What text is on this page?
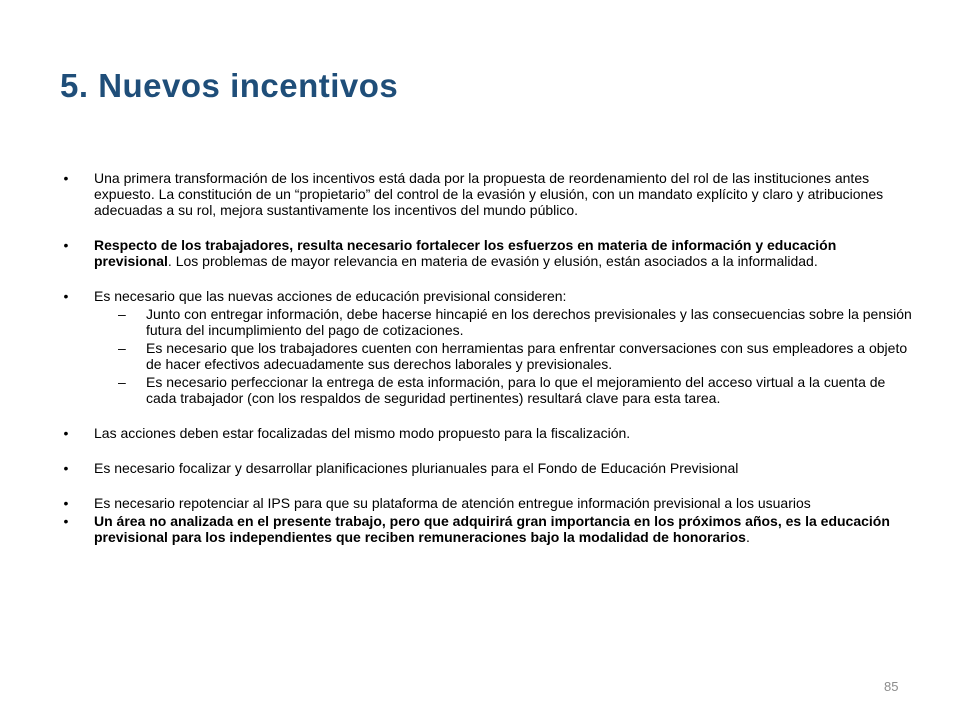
5. Nuevos incentivos
• Una primera transformación de los incentivos está dada por la propuesta de reordenamiento del rol de las instituciones antes expuesto. La constitución de un “propietario” del control de la evasión y elusión, con un mandato explícito y claro y atribuciones adecuadas a su rol, mejora sustantivamente los incentivos del mundo público.
• Respecto de los trabajadores, resulta necesario fortalecer los esfuerzos en materia de información y educación previsional. Los problemas de mayor relevancia en materia de evasión y elusión, están asociados a la informalidad.
• Es necesario que las nuevas acciones de educación previsional consideren:
– Junto con entregar información, debe hacerse hincapié en los derechos previsionales y las consecuencias sobre la pensión futura del incumplimiento del pago de cotizaciones.
– Es necesario que los trabajadores cuenten con herramientas para enfrentar conversaciones con sus empleadores a objeto de hacer efectivos adecuadamente sus derechos laborales y previsionales.
– Es necesario perfeccionar la entrega de esta información, para lo que el mejoramiento del acceso virtual a la cuenta de cada trabajador (con los respaldos de seguridad pertinentes) resultará clave para esta tarea.
• Las acciones deben estar focalizadas del mismo modo propuesto para la fiscalización.
• Es necesario focalizar y desarrollar planificaciones plurianuales para el Fondo de Educación Previsional
• Es necesario repotenciar al IPS para que su plataforma de atención entregue información previsional a los usuarios
• Un área no analizada en el presente trabajo, pero que adquirirá gran importancia en los próximos años, es la educación previsional para los independientes que reciben remuneraciones bajo la modalidad de honorarios.
85
